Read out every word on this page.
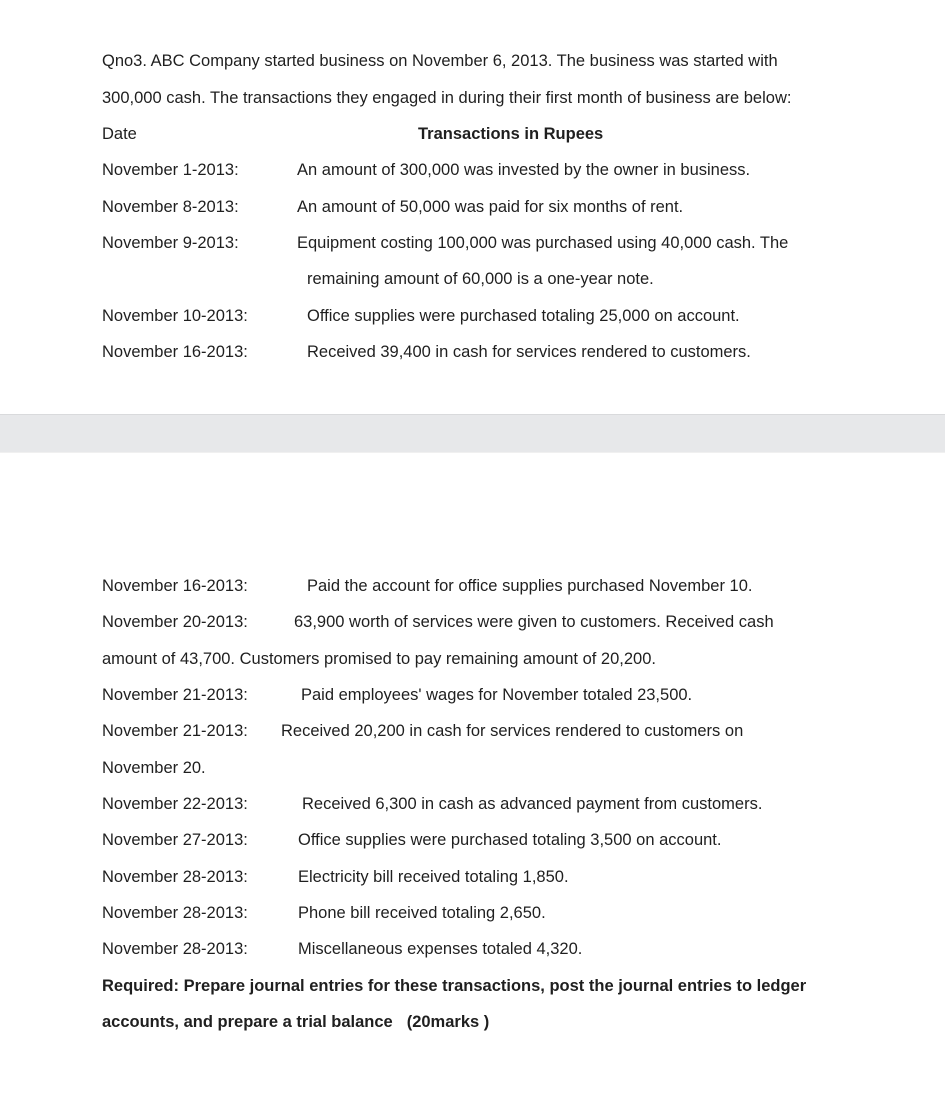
Qno3. ABC Company started business on November 6, 2013. The business was started with
300,000 cash. The transactions they engaged in during their first month of business are below:
Date	Transactions in Rupees
November 1-2013:	An amount of 300,000 was invested by the owner in business.
November 8-2013:	An amount of 50,000 was paid for six months of rent.
November 9-2013:	Equipment costing 100,000 was purchased using 40,000 cash. The
remaining amount of 60,000 is a one-year note.
November 10-2013:	Office supplies were purchased totaling 25,000 on account.
November 16-2013:	Received 39,400 in cash for services rendered to customers.
November 16-2013:	Paid the account for office supplies purchased November 10.
November 20-2013:	63,900 worth of services were given to customers. Received cash
amount of 43,700. Customers promised to pay remaining amount of 20,200.
November 21-2013:	Paid employees' wages for November totaled 23,500.
November 21-2013: Received 20,200 in cash for services rendered to customers on
November 20.
November 22-2013:	Received 6,300 in cash as advanced payment from customers.
November 27-2013:	Office supplies were purchased totaling 3,500 on account.
November 28-2013:	Electricity bill received totaling 1,850.
November 28-2013:	Phone bill received totaling 2,650.
November 28-2013:	Miscellaneous expenses totaled 4,320.
Required: Prepare journal entries for these transactions, post the journal entries to ledger
accounts, and prepare a trial balance (20marks )
